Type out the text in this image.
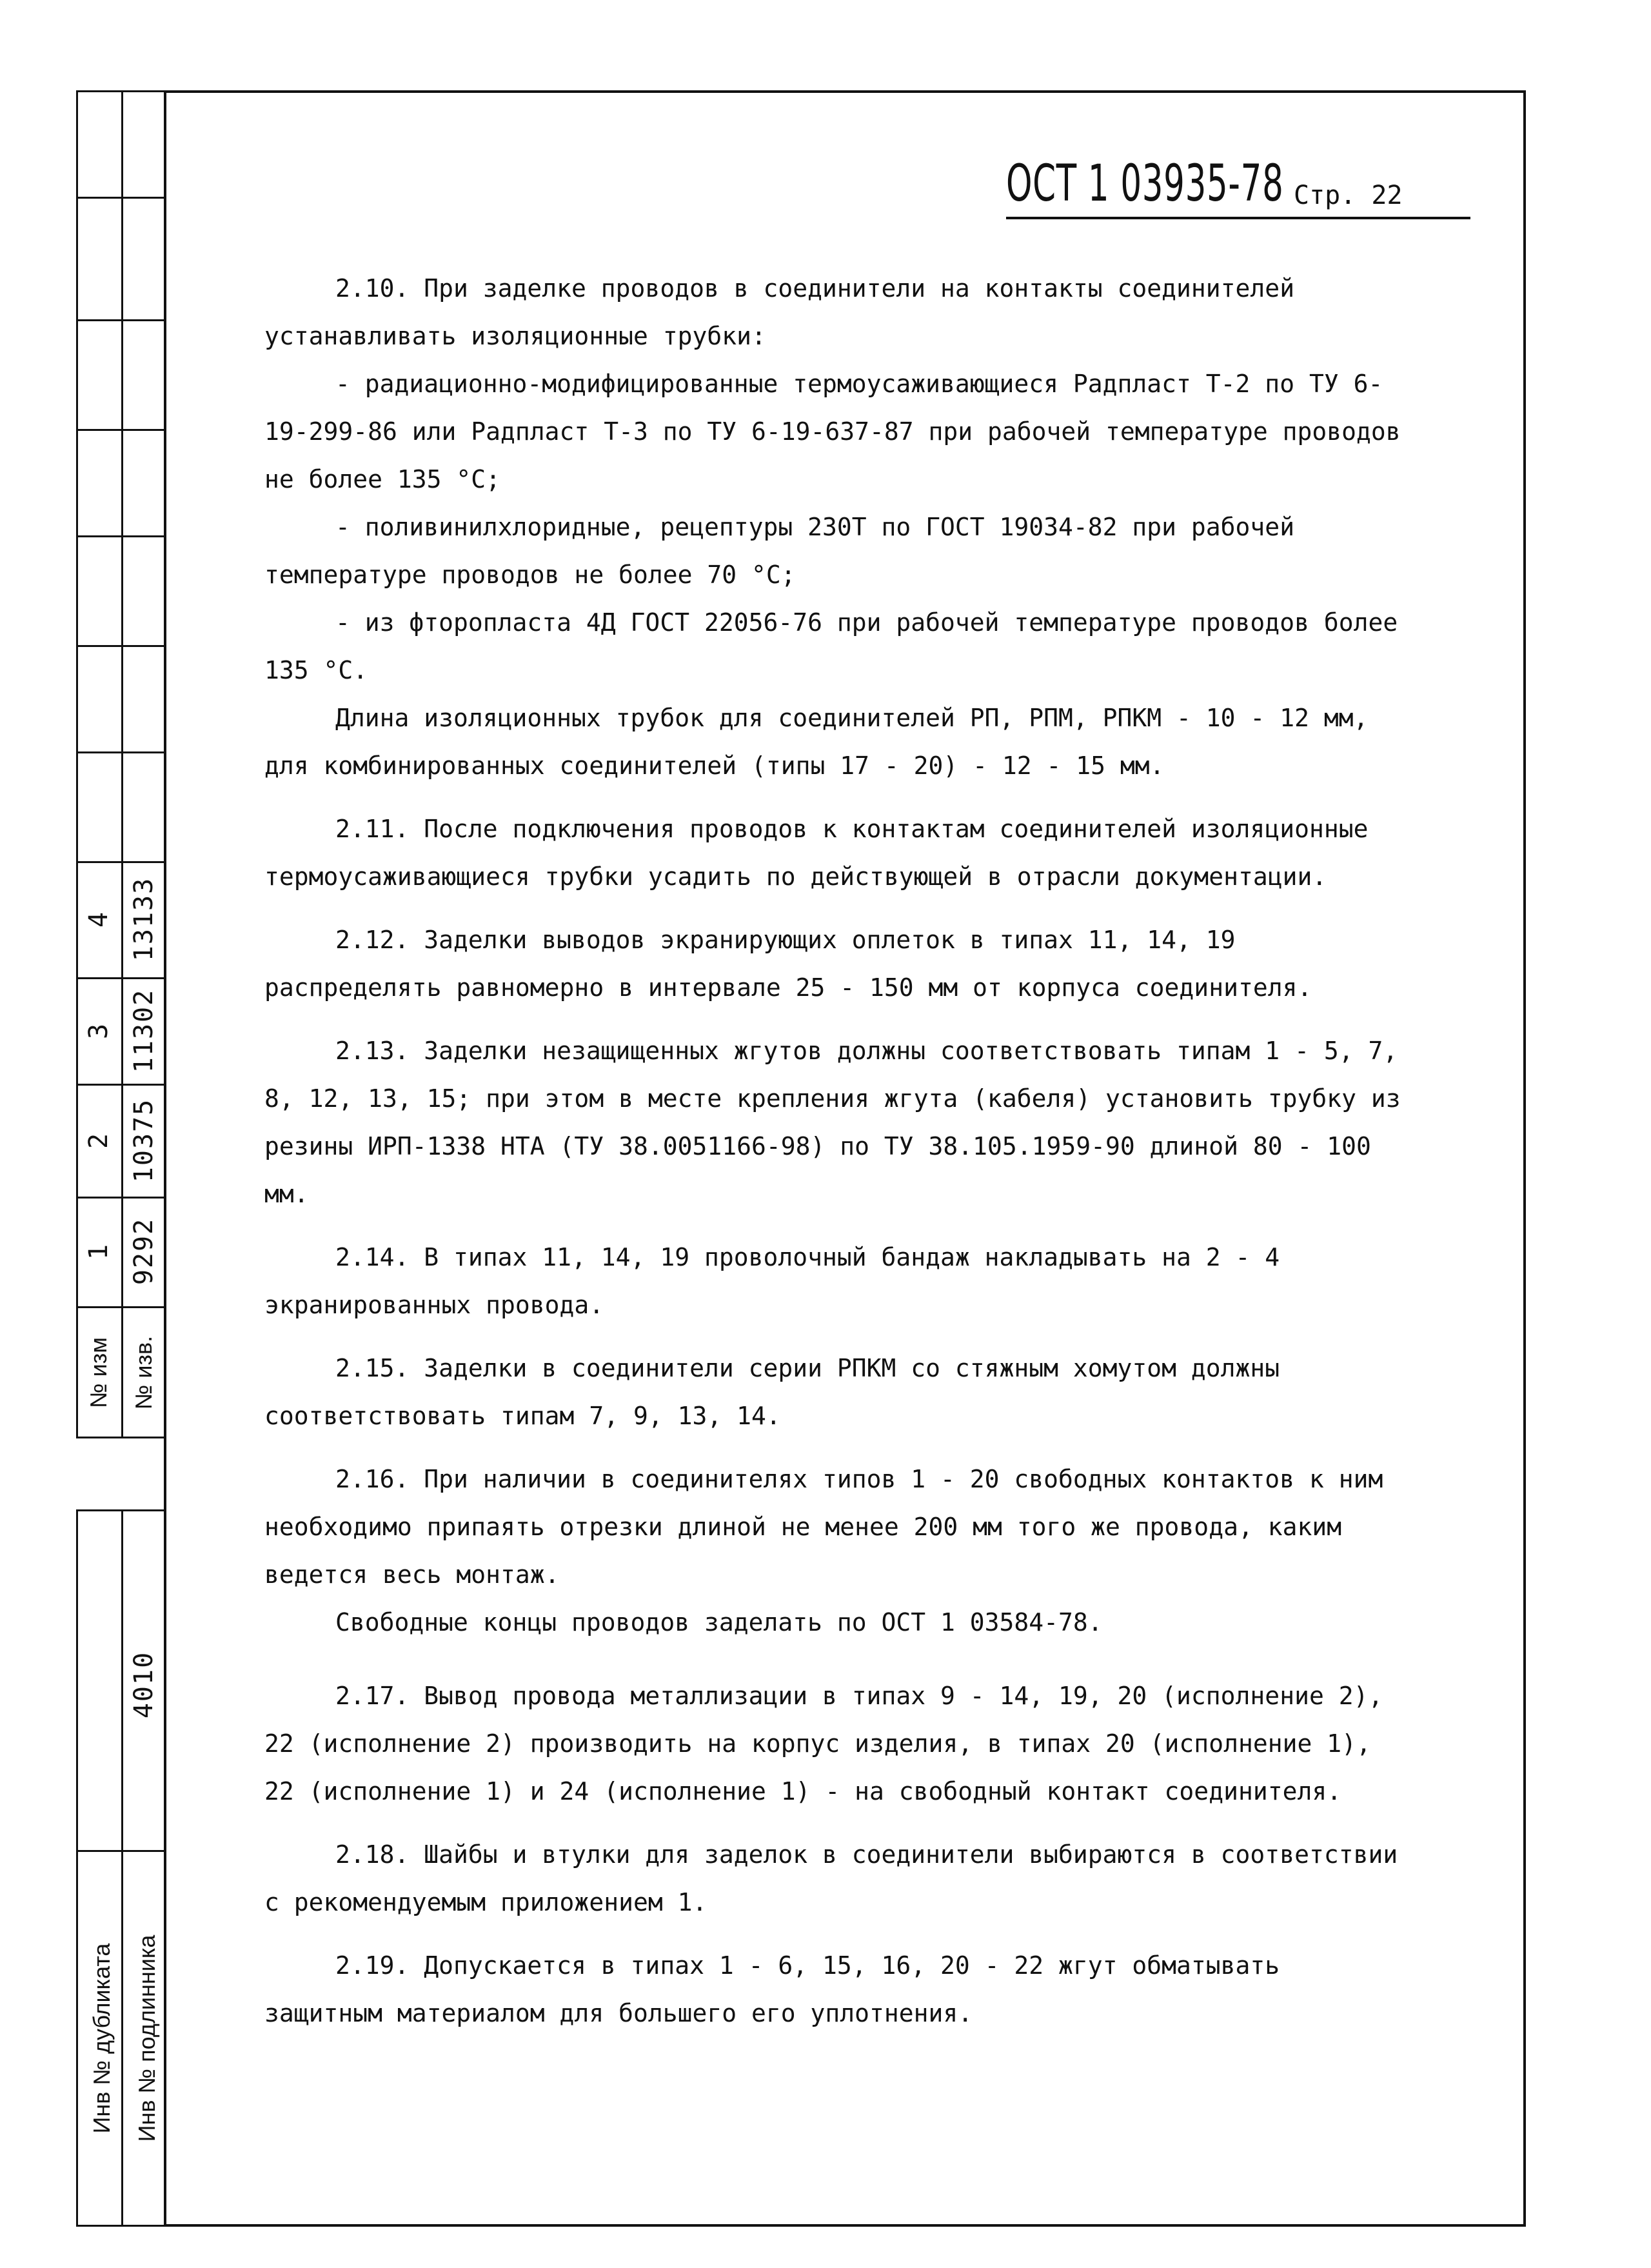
4 13133
3 11302
2 10375
1 9292
№ изм № изв.
4010
Инв № дубликата Инв № подлинника
ОСТ 1 03935-78 Стр. 22

2.10. При заделке проводов в соединители на контакты соединителей устанавливать изоляционные трубки:

- радиационно-модифицированные термоусаживающиеся Радпласт Т-2 по ТУ 6-19-299-86 или Радпласт Т-3 по ТУ 6-19-637-87 при рабочей температуре проводов не более 135 °С;

- поливинилхлоридные, рецептуры 230Т по ГОСТ 19034-82 при рабочей температуре проводов не более 70 °С;

- из фторопласта 4Д ГОСТ 22056-76 при рабочей температуре проводов более 135 °С.

Длина изоляционных трубок для соединителей РП, РПМ, РПКМ - 10 - 12 мм, для комбинированных соединителей (типы 17 - 20) - 12 - 15 мм.

2.11. После подключения проводов к контактам соединителей изоляционные термоусаживающиеся трубки усадить по действующей в отрасли документации.

2.12. Заделки выводов экранирующих оплеток в типах 11, 14, 19 распределять равномерно в интервале 25 - 150 мм от корпуса соединителя.

2.13. Заделки незащищенных жгутов должны соответствовать типам 1 - 5, 7, 8, 12, 13, 15; при этом в месте крепления жгута (кабеля) установить трубку из резины ИРП-1338 НТА (ТУ 38.0051166-98) по ТУ 38.105.1959-90 длиной 80 - 100 мм.

2.14. В типах 11, 14, 19 проволочный бандаж накладывать на 2 - 4 экранированных провода.

2.15. Заделки в соединители серии РПКМ со стяжным хомутом должны соответствовать типам 7, 9, 13, 14.

2.16. При наличии в соединителях типов 1 - 20 свободных контактов к ним необходимо припаять отрезки длиной не менее 200 мм того же провода, каким ведется весь монтаж.

Свободные концы проводов заделать по ОСТ 1 03584-78.

2.17. Вывод провода металлизации в типах 9 - 14, 19, 20 (исполнение 2), 22 (исполнение 2) производить на корпус изделия, в типах 20 (исполнение 1), 22 (исполнение 1) и 24 (исполнение 1) - на свободный контакт соединителя.

2.18. Шайбы и втулки для заделок в соединители выбираются в соответствии с рекомендуемым приложением 1.

2.19. Допускается в типах 1 - 6, 15, 16, 20 - 22 жгут обматывать защитным материалом для большего его уплотнения.
